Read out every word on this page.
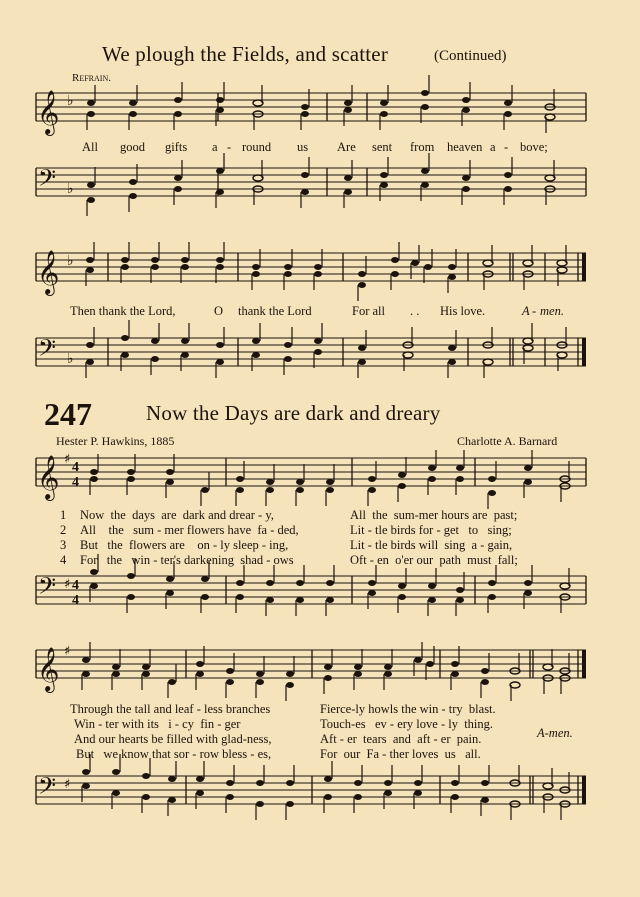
We plough the Fields, and scatter	(Continued)
Refrain.
𝄞 ♭
All good gifts a - round us Are sent from heaven a - bove;
𝄢 ♭
𝄞 ♭
Then thank the Lord,	O thank the Lord	For all . . His love.	A - men.
𝄢 ♭
247	Now the Days are dark and dreary
Hester P. Hawkins, 1885	Charlotte A. Barnard
𝄞 ♯
4
4
1 Now  the  days  are  dark and drear - y,	All  the  sum-mer hours are  past;
2 All    the   sum - mer flowers have  fa - ded,	Lit - tle birds for - get   to   sing;
3 But   the  flowers are    on - ly sleep - ing,	Lit - tle birds will  sing  a - gain,
4 For   the   win - ter's darkening  shad - ows	Oft - en  o'er our  path  must  fall;
𝄢 ♯ 4
4
𝄞 ♯
Through the tall and leaf - less branches	Fierce-ly howls the win - try  blast.
Win - ter with its   i - cy  fin - ger	Touch-es   ev - ery love - ly  thing.
And our hearts be filled with glad-ness,	Aft - er  tears  and  aft - er  pain.
But   we know that sor - row bless - es,	For  our  Fa - ther loves  us   all.
A-men.
𝄢 ♯
